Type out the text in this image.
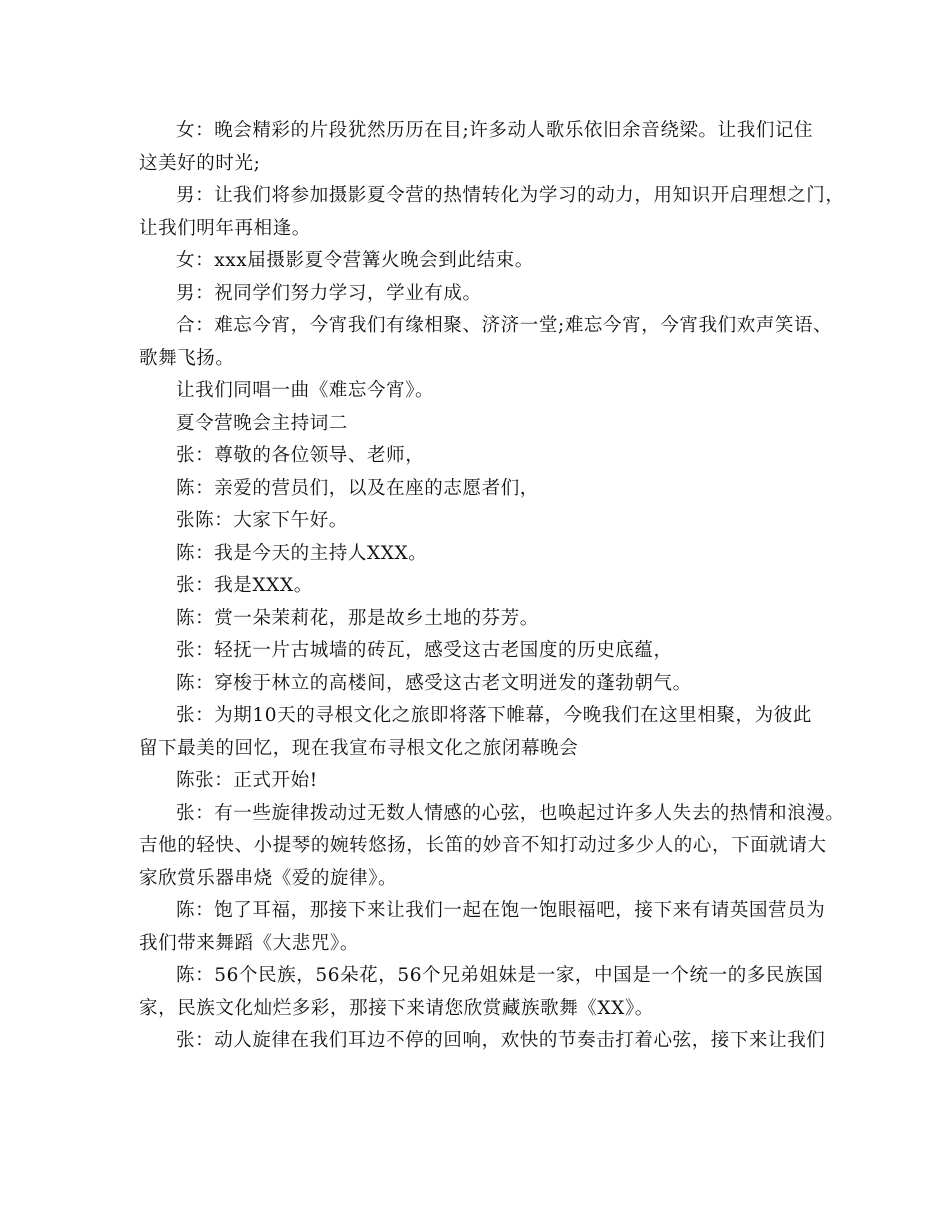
女：晚会精彩的片段犹然历历在目;许多动人歌乐依旧余音绕梁。让我们记住
这美好的时光;
男：让我们将参加摄影夏令营的热情转化为学习的动力，用知识开启理想之门，
让我们明年再相逢。
女：xxx届摄影夏令营篝火晚会到此结束。
男：祝同学们努力学习，学业有成。
合：难忘今宵，今宵我们有缘相聚、济济一堂;难忘今宵，今宵我们欢声笑语、
歌舞飞扬。
让我们同唱一曲《难忘今宵》。
夏令营晚会主持词二
张：尊敬的各位领导、老师，
陈：亲爱的营员们，以及在座的志愿者们，
张陈：大家下午好。
陈：我是今天的主持人XXX。
张：我是XXX。
陈：赏一朵茉莉花，那是故乡土地的芬芳。
张：轻抚一片古城墙的砖瓦，感受这古老国度的历史底蕴，
陈：穿梭于林立的高楼间，感受这古老文明迸发的蓬勃朝气。
张：为期10天的寻根文化之旅即将落下帷幕，今晚我们在这里相聚，为彼此
留下最美的回忆，现在我宣布寻根文化之旅闭幕晚会
陈张：正式开始!
张：有一些旋律拨动过无数人情感的心弦，也唤起过许多人失去的热情和浪漫。
吉他的轻快、小提琴的婉转悠扬，长笛的妙音不知打动过多少人的心，下面就请大
家欣赏乐器串烧《爱的旋律》。
陈：饱了耳福，那接下来让我们一起在饱一饱眼福吧，接下来有请英国营员为
我们带来舞蹈《大悲咒》。
陈：56个民族，56朵花，56个兄弟姐妹是一家，中国是一个统一的多民族国
家，民族文化灿烂多彩，那接下来请您欣赏藏族歌舞《XX》。
张：动人旋律在我们耳边不停的回响，欢快的节奏击打着心弦，接下来让我们
